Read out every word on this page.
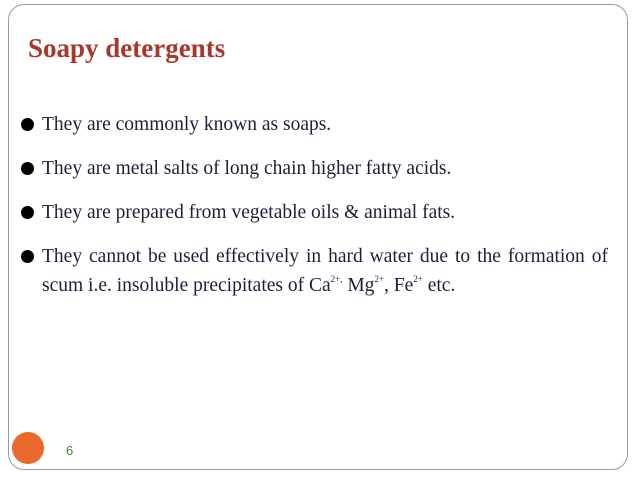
Soapy detergents
They are commonly known as soaps.
They are metal salts of long chain higher fatty acids.
They are prepared from vegetable oils & animal fats.
They cannot be used effectively in hard water due to the formation of scum i.e. insoluble precipitates of $Ca^{2+,}$ $Mg^{2+}$, $Fe^{2+}$ etc.
6
